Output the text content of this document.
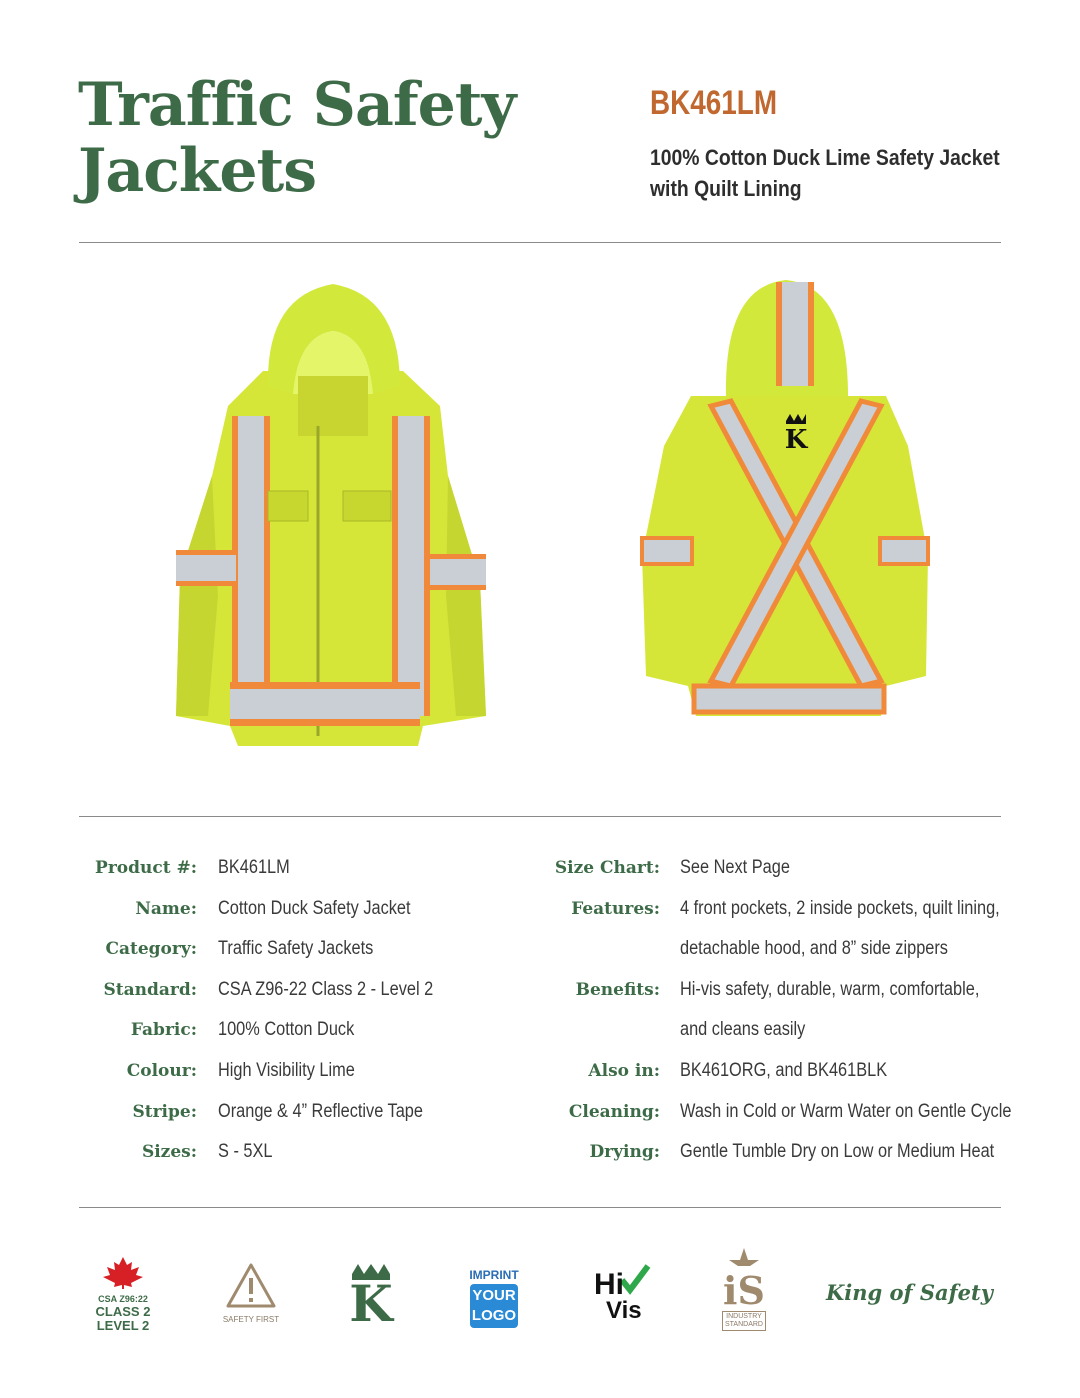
Traffic Safety
Jackets
BK461LM
100% Cotton Duck Lime Safety Jacket
with Quilt Lining
K
Product #: BK461LM
Name: Cotton Duck Safety Jacket
Category: Traffic Safety Jackets
Standard: CSA Z96-22 Class 2 - Level 2
Fabric: 100% Cotton Duck
Colour: High Visibility Lime
Stripe: Orange & 4” Reflective Tape
Sizes: S - 5XL
Size Chart: See Next Page
Features: 4 front pockets, 2 inside pockets, quilt lining,
detachable hood, and 8” side zippers
Benefits: Hi-vis safety, durable, warm, comfortable,
and cleans easily
Also in: BK461ORG, and BK461BLK
Cleaning: Wash in Cold or Warm Water on Gentle Cycle
Drying: Gentle Tumble Dry on Low or Medium Heat
CSA Z96:22
CLASS 2
LEVEL 2	SAFETY FIRST K	IMPRINT
YOUR
LOGO
Hi
Vis iS
INDUSTRY
STANDARD
King of Safety
